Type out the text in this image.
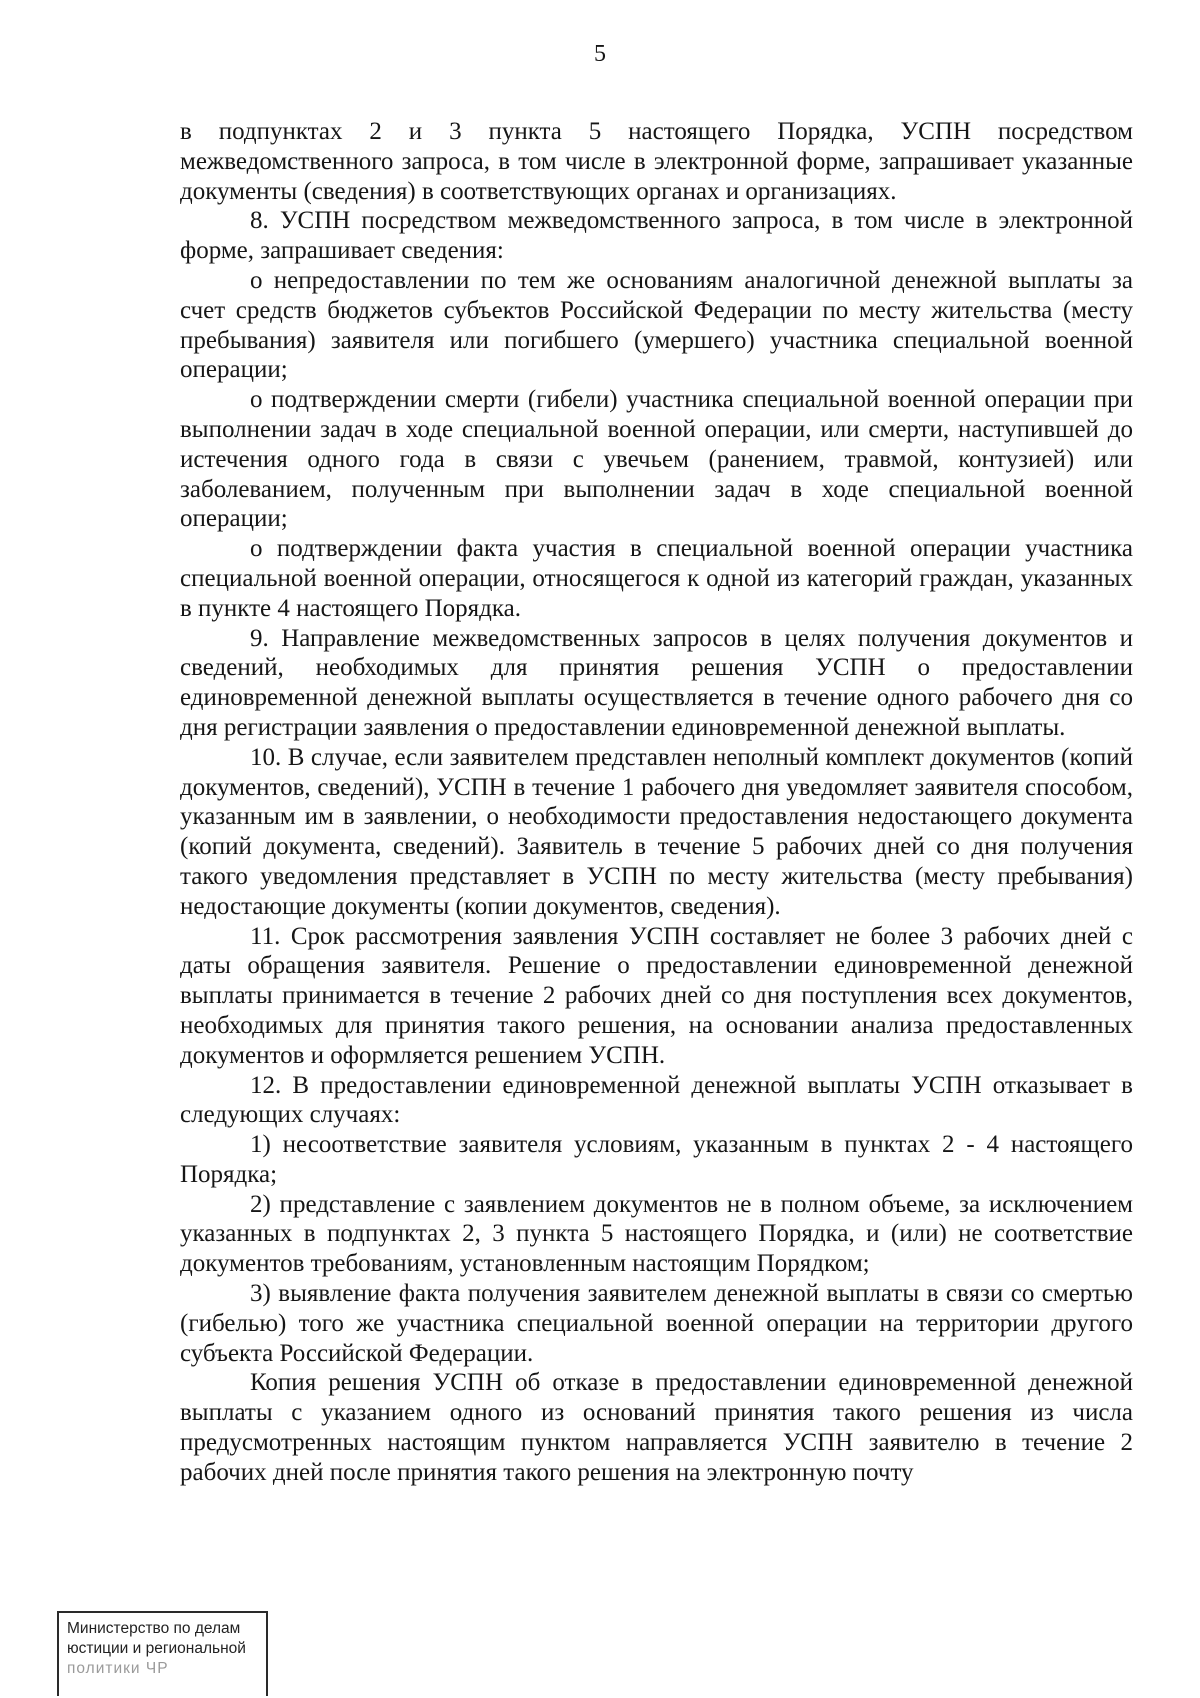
5

в подпунктах 2 и 3 пункта 5 настоящего Порядка, УСПН посредством межведомственного запроса, в том числе в электронной форме, запрашивает указанные документы (сведения) в соответствующих органах и организациях.

8. УСПН посредством межведомственного запроса, в том числе в электронной форме, запрашивает сведения:

о непредоставлении по тем же основаниям аналогичной денежной выплаты за счет средств бюджетов субъектов Российской Федерации по месту жительства (месту пребывания) заявителя или погибшего (умершего) участника специальной военной операции;

о подтверждении смерти (гибели) участника специальной военной операции при выполнении задач в ходе специальной военной операции, или смерти, наступившей до истечения одного года в связи с увечьем (ранением, травмой, контузией) или заболеванием, полученным при выполнении задач в ходе специальной военной операции;

о подтверждении факта участия в специальной военной операции участника специальной военной операции, относящегося к одной из категорий граждан, указанных в пункте 4 настоящего Порядка.

9. Направление межведомственных запросов в целях получения документов и сведений, необходимых для принятия решения УСПН о предоставлении единовременной денежной выплаты осуществляется в течение одного рабочего дня со дня регистрации заявления о предоставлении единовременной денежной выплаты.

10. В случае, если заявителем представлен неполный комплект документов (копий документов, сведений), УСПН в течение 1 рабочего дня уведомляет заявителя способом, указанным им в заявлении, о необходимости предоставления недостающего документа (копий документа, сведений). Заявитель в течение 5 рабочих дней со дня получения такого уведомления представляет в УСПН по месту жительства (месту пребывания) недостающие документы (копии документов, сведения).

11. Срок рассмотрения заявления УСПН составляет не более 3 рабочих дней с даты обращения заявителя. Решение о предоставлении единовременной денежной выплаты принимается в течение 2 рабочих дней со дня поступления всех документов, необходимых для принятия такого решения, на основании анализа предоставленных документов и оформляется решением УСПН.

12. В предоставлении единовременной денежной выплаты УСПН отказывает в следующих случаях:

1) несоответствие заявителя условиям, указанным в пунктах 2 - 4 настоящего Порядка;

2) представление с заявлением документов не в полном объеме, за исключением указанных в подпунктах 2, 3 пункта 5 настоящего Порядка, и (или) не соответствие документов требованиям, установленным настоящим Порядком;

3) выявление факта получения заявителем денежной выплаты в связи со смертью (гибелью) того же участника специальной военной операции на территории другого субъекта Российской Федерации.

Копия решения УСПН об отказе в предоставлении единовременной денежной выплаты с указанием одного из оснований принятия такого решения из числа предусмотренных настоящим пунктом направляется УСПН заявителю в течение 2 рабочих дней после принятия такого решения на электронную почту

Министерство по делам
юстиции и региональной
политики ЧР
